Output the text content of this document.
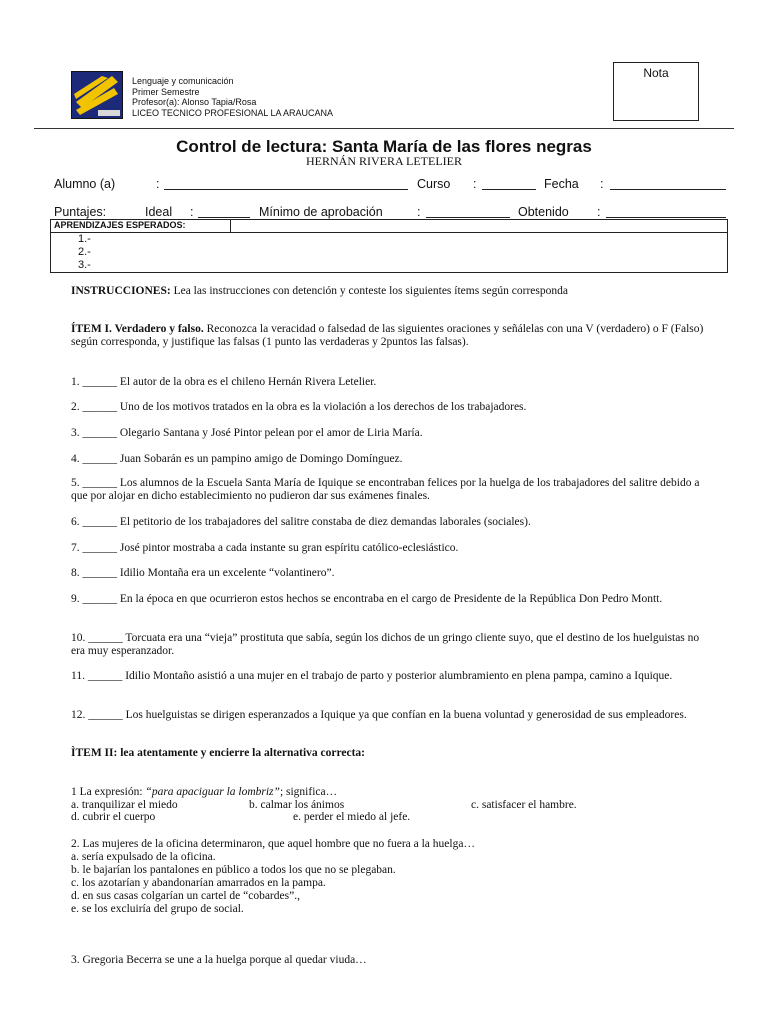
Lenguaje y comunicación
Primer Semestre
Profesor(a): Alonso Tapia/Rosa
LICEO TECNICO PROFESIONAL LA ARAUCANA
Nota
Control de lectura: Santa María de las flores negras
HERNÁN RIVERA LETELIER
Alumno (a)	:	Curso :	Fecha :
Puntajes:	Ideal :	Mínimo de aprobación	:	Obtenido :
APRENDIZAJES ESPERADOS:
1.-
2.-
3.-
INSTRUCCIONES: Lea las instrucciones con detención y conteste los siguientes ítems según corresponda
ÍTEM I. Verdadero y falso. Reconozca la veracidad o falsedad de las siguientes oraciones y señálelas con una V (verdadero) o F (Falso) según corresponda, y justifique las falsas (1 punto las verdaderas y 2puntos las falsas).
1. ______ El autor de la obra es el chileno Hernán Rivera Letelier.
2. ______ Uno de los motivos tratados en la obra es la violación a los derechos de los trabajadores.
3. ______ Olegario Santana y José Pintor pelean por el amor de Liria María.
4. ______ Juan Sobarán es un pampino amigo de Domingo Domínguez.
5. ______ Los alumnos de la Escuela Santa María de Iquique se encontraban felices por la huelga de los trabajadores del salitre debido a que por alojar en dicho establecimiento no pudieron dar sus exámenes finales.
6. ______ El petitorio de los trabajadores del salitre constaba de diez demandas laborales (sociales).
7. ______ José pintor mostraba a cada instante su gran espíritu católico-eclesiástico.
8. ______ Idilio Montaña era un excelente “volantinero”.
9. ______ En la época en que ocurrieron estos hechos se encontraba en el cargo de Presidente de la República Don Pedro Montt.
10. ______ Torcuata era una “vieja” prostituta que sabía, según los dichos de un gringo cliente suyo, que el destino de los huelguistas no era muy esperanzador.
11. ______ Idilio Montaño asistió a una mujer en el trabajo de parto y posterior alumbramiento en plena pampa, camino a Iquique.
12. ______ Los huelguistas se dirigen esperanzados a Iquique ya que confían en la buena voluntad y generosidad de sus empleadores.
ÌTEM II: lea atentamente y encierre la alternativa correcta:
1 La expresión: “para apaciguar la lombriz”; significa…
a. tranquilizar el miedo	b. calmar los ánimos	c. satisfacer el hambre.
d. cubrir el cuerpo	e. perder el miedo al jefe.
2. Las mujeres de la oficina determinaron, que aquel hombre que no fuera a la huelga…
a. sería expulsado de la oficina.
b. le bajarían los pantalones en público a todos los que no se plegaban.
c. los azotarían y abandonarían amarrados en la pampa.
d. en sus casas colgarían un cartel de “cobardes”.,
e. se los excluiría del grupo de social.
3. Gregoria Becerra se une a la huelga porque al quedar viuda…
